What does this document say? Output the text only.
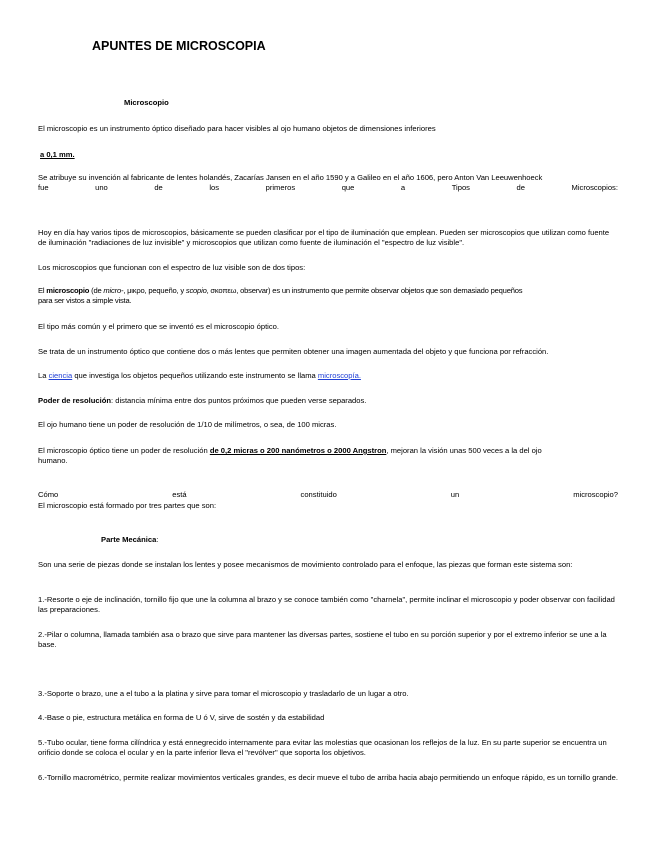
APUNTES DE MICROSCOPIA

Microscopio

El microscopio es un instrumento óptico diseñado para hacer visibles al ojo humano objetos de dimensiones inferiores

a 0,1 mm.

Se atribuye su invención al fabricante de lentes holandés, Zacarías Jansen en el año 1590 y a Galileo en el año 1606, pero Anton Van Leeuwenhoeck

fue	uno	de	los	primeros	que	a	Tipos	de	Microscopios:

Hoy en día hay varios tipos de microscopios, básicamente se pueden clasificar por el tipo de iluminación que emplean. Pueden ser microscopios que utilizan como fuente de iluminación "radiaciones de luz invisible" y microscopios que utilizan como fuente de iluminación el "espectro de luz visible".

Los microscopios que funcionan con el espectro de luz visible son de dos tipos:

El microscopio (de micro-, μικρο, pequeño, y scopio, σκοπεω, observar) es un instrumento que permite observar objetos que son demasiado pequeños
para ser vistos a simple vista.

El tipo más común y el primero que se inventó es el microscopio óptico.

Se trata de un instrumento óptico que contiene dos o más lentes que permiten obtener una imagen aumentada del objeto y que funciona por refracción.

La ciencia que investiga los objetos pequeños utilizando este instrumento se llama microscopía.

Poder de resolución: distancia mínima entre dos puntos próximos que pueden verse separados.

El ojo humano tiene un poder de resolución de 1/10 de milímetros, o sea, de 100 micras.

El microscopio óptico tiene un poder de resolución de 0,2 micras o 200 nanómetros o 2000 Angstron, mejoran la visión unas 500 veces a la del ojo
humano.

Cómo	está	constituido	un	microscopio?

El microscopio está formado por tres partes que son:

Parte Mecánica:

Son una serie de piezas donde se instalan los lentes y posee mecanismos de movimiento controlado para el enfoque, las piezas que forman este sistema son:

1.-Resorte o eje de inclinación, tornillo fijo que une la columna al brazo y se conoce también como "charnela", permite inclinar el microscopio y poder observar con facilidad las preparaciones.

2.-Pilar o columna, llamada también asa o brazo que sirve para mantener las diversas partes, sostiene el tubo en su porción superior y por el extremo inferior se une a la base.

3.-Soporte o brazo, une a el tubo a la platina y sirve para tomar el microscopio y trasladarlo de un lugar a otro.

4.-Base o pie, estructura metálica en forma de U ó V, sirve de sostén y da estabilidad

5.-Tubo ocular, tiene forma cilíndrica y está ennegrecido internamente para evitar las molestias que ocasionan los reflejos de la luz. En su parte superior se encuentra un orificio donde se coloca el ocular y en la parte inferior lleva el "revólver" que soporta los objetivos.

6.-Tornillo macrométrico, permite realizar movimientos verticales grandes, es decir mueve el tubo de arriba hacia abajo permitiendo un enfoque rápido, es un tornillo grande.
